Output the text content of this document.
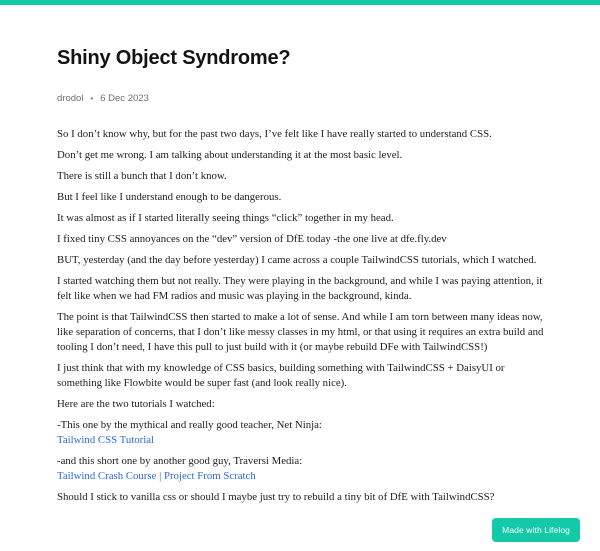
Shiny Object Syndrome?
drodol • 6 Dec 2023

So I don’t know why, but for the past two days, I’ve felt like I have really started to understand CSS.

Don’t get me wrong. I am talking about understanding it at the most basic level.

There is still a bunch that I don’t know.

But I feel like I understand enough to be dangerous.

It was almost as if I started literally seeing things “click” together in my head.

I fixed tiny CSS annoyances on the “dev” version of DfE today -the one live at dfe.fly.dev

BUT, yesterday (and the day before yesterday) I came across a couple TailwindCSS tutorials, which I watched.

I started watching them but not really. They were playing in the background, and while I was paying attention, it felt like when we had FM radios and music was playing in the background, kinda.

The point is that TailwindCSS then started to make a lot of sense. And while I am torn between many ideas now, like separation of concerns, that I don’t like messy classes in my html, or that using it requires an extra build and tooling I don’t need, I have this pull to just build with it (or maybe rebuild DFe with TailwindCSS!)

I just think that with my knowledge of CSS basics, building something with TailwindCSS + DaisyUI or something like Flowbite would be super fast (and look really nice).

Here are the two tutorials I watched:

-This one by the mythical and really good teacher, Net Ninja:
Tailwind CSS Tutorial

-and this short one by another good guy, Traversi Media:
Tailwind Crash Course | Project From Scratch

Should I stick to vanilla css or should I maybe just try to rebuild a tiny bit of DfE with TailwindCSS?

Made with Lifelog
